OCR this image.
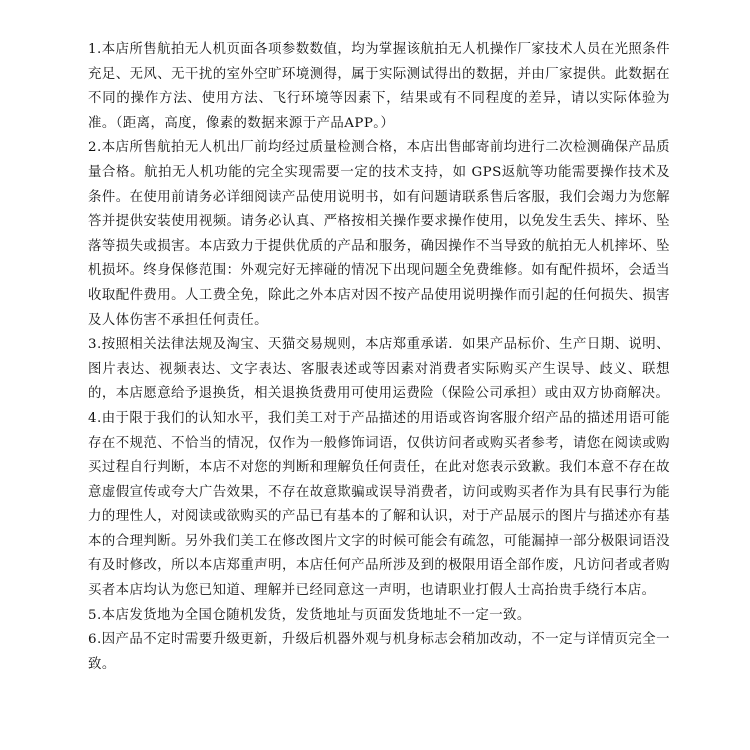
1.本店所售航拍无人机页面各项参数数值，均为掌握该航拍无人机操作厂家技术人员在光照条件充足、无风、无干扰的室外空旷环境测得，属于实际测试得出的数据，并由厂家提供。此数据在不同的操作方法、使用方法、飞行环境等因素下，结果或有不同程度的差异，请以实际体验为准。（距离，高度，像素的数据来源于产品APP。）

2.本店所售航拍无人机出厂前均经过质量检测合格，本店出售邮寄前均进行二次检测确保产品质量合格。航拍无人机功能的完全实现需要一定的技术支持，如 GPS返航等功能需要操作技术及条件。在使用前请务必详细阅读产品使用说明书，如有问题请联系售后客服，我们会竭力为您解答并提供安装使用视频。请务必认真、严格按相关操作要求操作使用，以免发生丢失、摔坏、坠落等损失或损害。本店致力于提供优质的产品和服务，确因操作不当导致的航拍无人机摔坏、坠机损坏。终身保修范围：外观完好无摔碰的情况下出现问题全免费维修。如有配件损坏，会适当收取配件费用。人工费全免，除此之外本店对因不按产品使用说明操作而引起的任何损失、损害及人体伤害不承担任何责任。

3.按照相关法律法规及淘宝、天猫交易规则，本店郑重承诺．如果产品标价、生产日期、说明、图片表达、视频表达、文字表达、客服表述或等因素对消费者实际购买产生误导、歧义、联想的，本店愿意给予退换货，相关退换货费用可使用运费险（保险公司承担）或由双方协商解决。

4.由于限于我们的认知水平，我们美工对于产品描述的用语或咨询客服介绍产品的描述用语可能存在不规范、不恰当的情况，仅作为一般修饰词语，仅供访问者或购买者参考，请您在阅读或购买过程自行判断，本店不对您的判断和理解负任何责任，在此对您表示致歉。我们本意不存在故意虚假宣传或夸大广告效果，不存在故意欺骗或误导消费者，访问或购买者作为具有民事行为能力的理性人，对阅读或欲购买的产品已有基本的了解和认识，对于产品展示的图片与描述亦有基本的合理判断。另外我们美工在修改图片文字的时候可能会有疏忽，可能漏掉一部分极限词语没有及时修改，所以本店郑重声明，本店任何产品所涉及到的极限用语全部作废，凡访问者或者购买者本店均认为您已知道、理解并已经同意这一声明，也请职业打假人士高抬贵手绕行本店。

5.本店发货地为全国仓随机发货，发货地址与页面发货地址不一定一致。

6.因产品不定时需要升级更新，升级后机器外观与机身标志会稍加改动，不一定与详情页完全一致。
